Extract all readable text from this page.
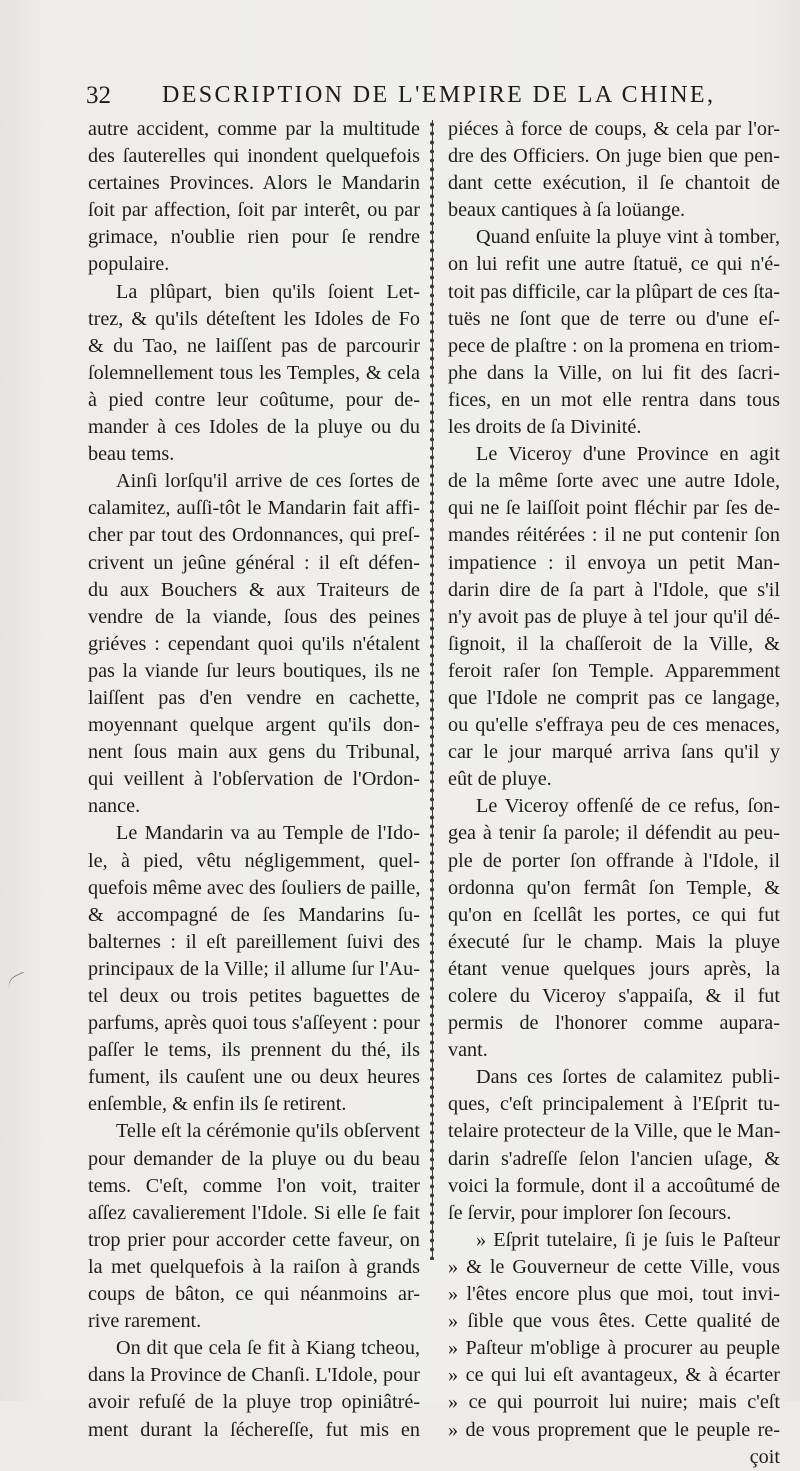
32 DESCRIPTION DE L'EMPIRE DE LA CHINE,
autre accident, comme par la multitude
des ſauterelles qui inondent quelquefois
certaines Provinces. Alors le Mandarin
ſoit par affection, ſoit par interêt, ou par
grimace, n'oublie rien pour ſe rendre
populaire.
La plûpart, bien qu'ils ſoient Let-
trez, & qu'ils déteſtent les Idoles de Fo
& du Tao, ne laiſſent pas de parcourir
ſolemnellement tous les Temples, & cela
à pied contre leur coûtume, pour de-
mander à ces Idoles de la pluye ou du
beau tems.
Ainſi lorſqu'il arrive de ces ſortes de
calamitez, auſſi-tôt le Mandarin fait affi-
cher par tout des Ordonnances, qui preſ-
crivent un jeûne général : il eſt défen-
du aux Bouchers & aux Traiteurs de
vendre de la viande, ſous des peines
griéves : cependant quoi qu'ils n'étalent
pas la viande ſur leurs boutiques, ils ne
laiſſent pas d'en vendre en cachette,
moyennant quelque argent qu'ils don-
nent ſous main aux gens du Tribunal,
qui veillent à l'obſervation de l'Ordon-
nance.
Le Mandarin va au Temple de l'Ido-
le, à pied, vêtu négligemment, quel-
quefois même avec des ſouliers de paille,
& accompagné de ſes Mandarins ſu-
balternes : il eſt pareillement ſuivi des
principaux de la Ville; il allume ſur l'Au-
tel deux ou trois petites baguettes de
parfums, après quoi tous s'aſſeyent : pour
paſſer le tems, ils prennent du thé, ils
fument, ils cauſent une ou deux heures
enſemble, & enfin ils ſe retirent.
Telle eſt la cérémonie qu'ils obſervent
pour demander de la pluye ou du beau
tems. C'eſt, comme l'on voit, traiter
aſſez cavalierement l'Idole. Si elle ſe fait
trop prier pour accorder cette faveur, on
la met quelquefois à la raiſon à grands
coups de bâton, ce qui néanmoins ar-
rive rarement.
On dit que cela ſe fit à Kiang tcheou,
dans la Province de Chanſi. L'Idole, pour
avoir refuſé de la pluye trop opiniâtré-
ment durant la ſéchereſſe, fut mis en
piéces à force de coups, & cela par l'or-
dre des Officiers. On juge bien que pen-
dant cette exécution, il ſe chantoit de
beaux cantiques à ſa loüange.
Quand enſuite la pluye vint à tomber,
on lui refit une autre ſtatuë, ce qui n'é-
toit pas difficile, car la plûpart de ces ſta-
tuës ne ſont que de terre ou d'une eſ-
pece de plaſtre : on la promena en triom-
phe dans la Ville, on lui fit des ſacri-
fices, en un mot elle rentra dans tous
les droits de ſa Divinité.
Le Viceroy d'une Province en agit
de la même ſorte avec une autre Idole,
qui ne ſe laiſſoit point fléchir par ſes de-
mandes réitérées : il ne put contenir ſon
impatience : il envoya un petit Man-
darin dire de ſa part à l'Idole, que s'il
n'y avoit pas de pluye à tel jour qu'il dé-
ſignoit, il la chaſſeroit de la Ville, &
feroit raſer ſon Temple. Apparemment
que l'Idole ne comprit pas ce langage,
ou qu'elle s'effraya peu de ces menaces,
car le jour marqué arriva ſans qu'il y
eût de pluye.
Le Viceroy offenſé de ce refus, ſon-
gea à tenir ſa parole; il défendit au peu-
ple de porter ſon offrande à l'Idole, il
ordonna qu'on fermât ſon Temple, &
qu'on en ſcellât les portes, ce qui fut
éxecuté ſur le champ. Mais la pluye
étant venue quelques jours après, la
colere du Viceroy s'appaiſa, & il fut
permis de l'honorer comme aupara-
vant.
Dans ces ſortes de calamitez publi-
ques, c'eſt principalement à l'Eſprit tu-
telaire protecteur de la Ville, que le Man-
darin s'adreſſe ſelon l'ancien uſage, &
voici la formule, dont il a accoûtumé de
ſe ſervir, pour implorer ſon ſecours.
» Eſprit tutelaire, ſi je ſuis le Paſteur
» & le Gouverneur de cette Ville, vous
» l'êtes encore plus que moi, tout invi-
» ſible que vous êtes. Cette qualité de
» Paſteur m'oblige à procurer au peuple
» ce qui lui eſt avantageux, & à écarter
» ce qui pourroit lui nuire; mais c'eſt
» de vous proprement que le peuple re-
çoit
